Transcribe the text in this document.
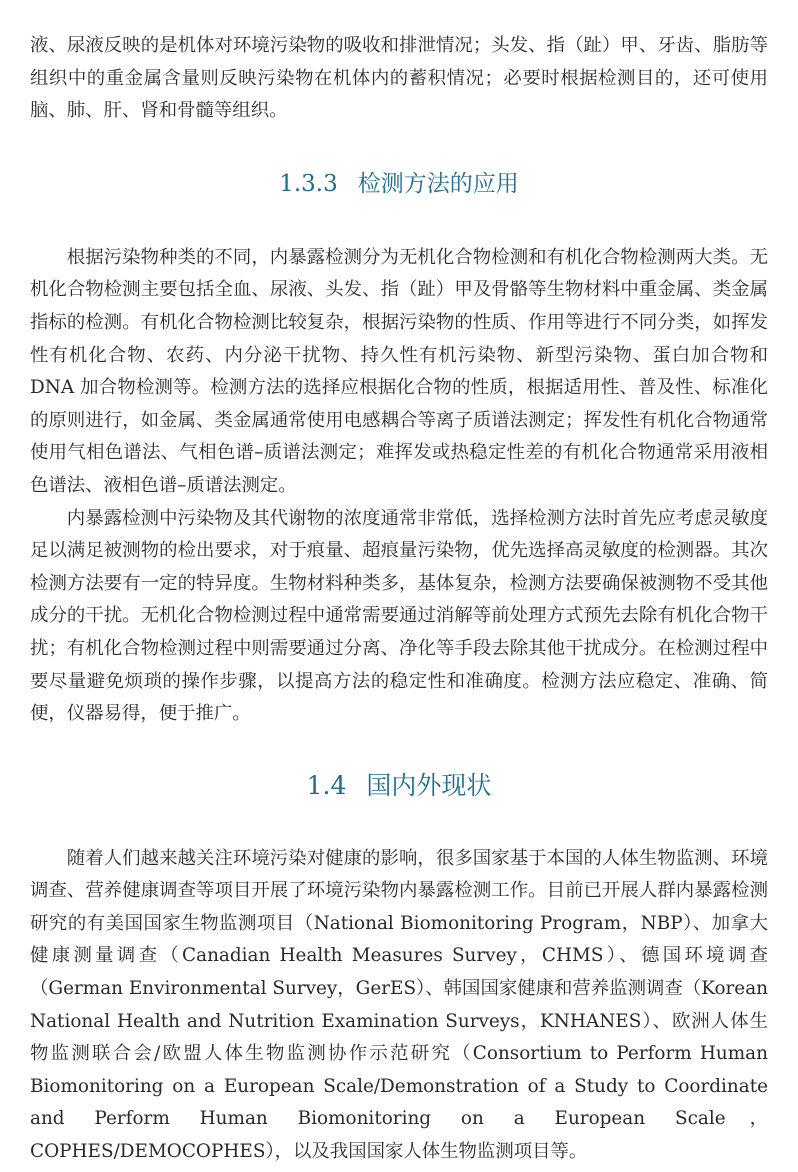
液、尿液反映的是机体对环境污染物的吸收和排泄情况；头发、指（趾）甲、牙齿、脂肪等组织中的重金属含量则反映污染物在机体内的蓄积情况；必要时根据检测目的，还可使用脑、肺、肝、肾和骨髓等组织。

1.3.3 检测方法的应用

根据污染物种类的不同，内暴露检测分为无机化合物检测和有机化合物检测两大类。无机化合物检测主要包括全血、尿液、头发、指（趾）甲及骨骼等生物材料中重金属、类金属指标的检测。有机化合物检测比较复杂，根据污染物的性质、作用等进行不同分类，如挥发性有机化合物、农药、内分泌干扰物、持久性有机污染物、新型污染物、蛋白加合物和 DNA 加合物检测等。检测方法的选择应根据化合物的性质，根据适用性、普及性、标准化的原则进行，如金属、类金属通常使用电感耦合等离子质谱法测定；挥发性有机化合物通常使用气相色谱法、气相色谱–质谱法测定；难挥发或热稳定性差的有机化合物通常采用液相色谱法、液相色谱–质谱法测定。

内暴露检测中污染物及其代谢物的浓度通常非常低，选择检测方法时首先应考虑灵敏度足以满足被测物的检出要求，对于痕量、超痕量污染物，优先选择高灵敏度的检测器。其次检测方法要有一定的特异度。生物材料种类多，基体复杂，检测方法要确保被测物不受其他成分的干扰。无机化合物检测过程中通常需要通过消解等前处理方式预先去除有机化合物干扰；有机化合物检测过程中则需要通过分离、净化等手段去除其他干扰成分。在检测过程中要尽量避免烦琐的操作步骤，以提高方法的稳定性和准确度。检测方法应稳定、准确、简便，仪器易得，便于推广。

1.4 国内外现状

随着人们越来越关注环境污染对健康的影响，很多国家基于本国的人体生物监测、环境调查、营养健康调查等项目开展了环境污染物内暴露检测工作。目前已开展人群内暴露检测研究的有美国国家生物监测项目（National Biomonitoring Program，NBP）、加拿大健康测量调查（Canadian Health Measures Survey，CHMS）、德国环境调查（German Environmental Survey，GerES）、韩国国家健康和营养监测调查（Korean National Health and Nutrition Examination Surveys，KNHANES）、欧洲人体生物监测联合会/欧盟人体生物监测协作示范研究（Consortium to Perform Human Biomonitoring on a European Scale/Demonstration of a Study to Coordinate and Perform Human Biomonitoring on a European Scale，COPHES/DEMOCOPHES），以及我国国家人体生物监测项目等。
